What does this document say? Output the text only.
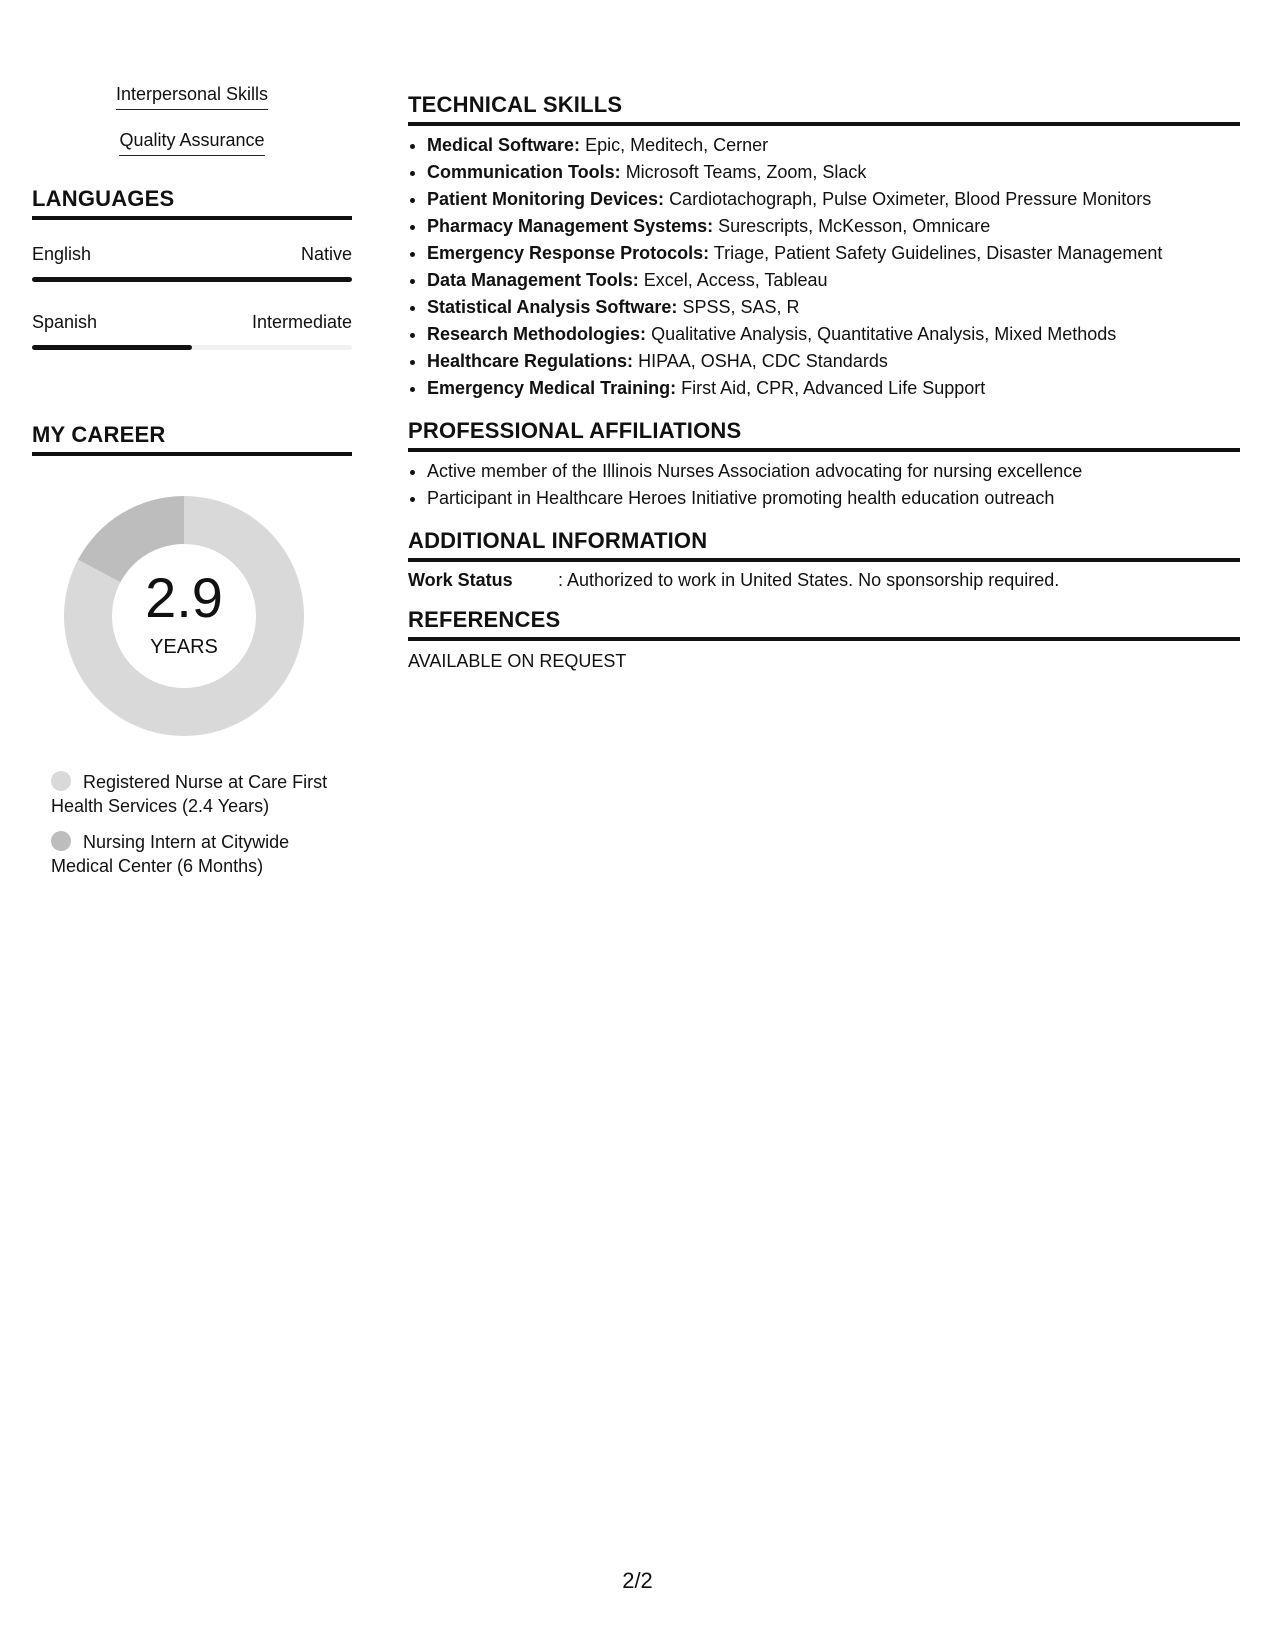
Interpersonal Skills
Quality Assurance
LANGUAGES
English	Native
Spanish	Intermediate
MY CAREER
2.9
YEARS
Registered Nurse at Care First Health Services (2.4 Years)
Nursing Intern at Citywide Medical Center (6 Months)
TECHNICAL SKILLS
• Medical Software: Epic, Meditech, Cerner
• Communication Tools: Microsoft Teams, Zoom, Slack
• Patient Monitoring Devices: Cardiotachograph, Pulse Oximeter, Blood Pressure Monitors
• Pharmacy Management Systems: Surescripts, McKesson, Omnicare
• Emergency Response Protocols: Triage, Patient Safety Guidelines, Disaster Management
• Data Management Tools: Excel, Access, Tableau
• Statistical Analysis Software: SPSS, SAS, R
• Research Methodologies: Qualitative Analysis, Quantitative Analysis, Mixed Methods
• Healthcare Regulations: HIPAA, OSHA, CDC Standards
• Emergency Medical Training: First Aid, CPR, Advanced Life Support
PROFESSIONAL AFFILIATIONS
• Active member of the Illinois Nurses Association advocating for nursing excellence
• Participant in Healthcare Heroes Initiative promoting health education outreach
ADDITIONAL INFORMATION
Work Status	: Authorized to work in United States. No sponsorship required.
REFERENCES
AVAILABLE ON REQUEST
2/2
